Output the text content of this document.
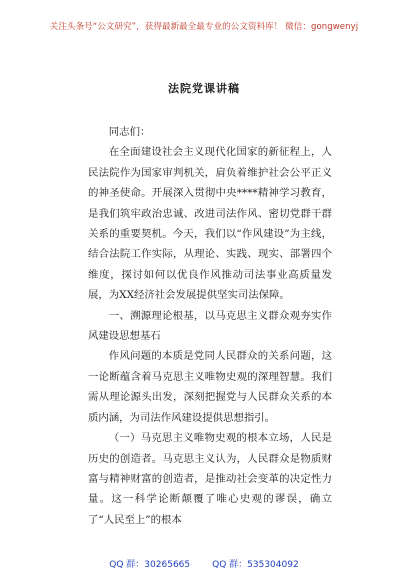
关注头条号“公文研究”，获得最新最全最专业的公文资料库！ 微信：gongwenyj
法院党课讲稿

同志们：

在全面建设社会主义现代化国家的新征程上，人民法院作为国家审判机关，肩负着维护社会公平正义的神圣使命。开展深入贯彻中央****精神学习教育，是我们筑牢政治忠诚、改进司法作风、密切党群干群关系的重要契机。今天，我们以“作风建设”为主线，结合法院工作实际，从理论、实践、现实、部署四个维度，探讨如何以优良作风推动司法事业高质量发展，为XX经济社会发展提供坚实司法保障。

一、溯源理论根基，以马克思主义群众观夯实作风建设思想基石

作风问题的本质是党同人民群众的关系问题，这一论断蕴含着马克思主义唯物史观的深理智慧。我们需从理论源头出发，深刻把握党与人民群众关系的本质内涵，为司法作风建设提供思想指引。

（一）马克思主义唯物史观的根本立场，人民是历史的创造者。马克思主义认为，人民群众是物质财富与精神财富的创造者，是推动社会变革的决定性力量。这一科学论断颠覆了唯心史观的谬误，确立了“人民至上”的根本

QQ 群：30265665 QQ 群：535304092
